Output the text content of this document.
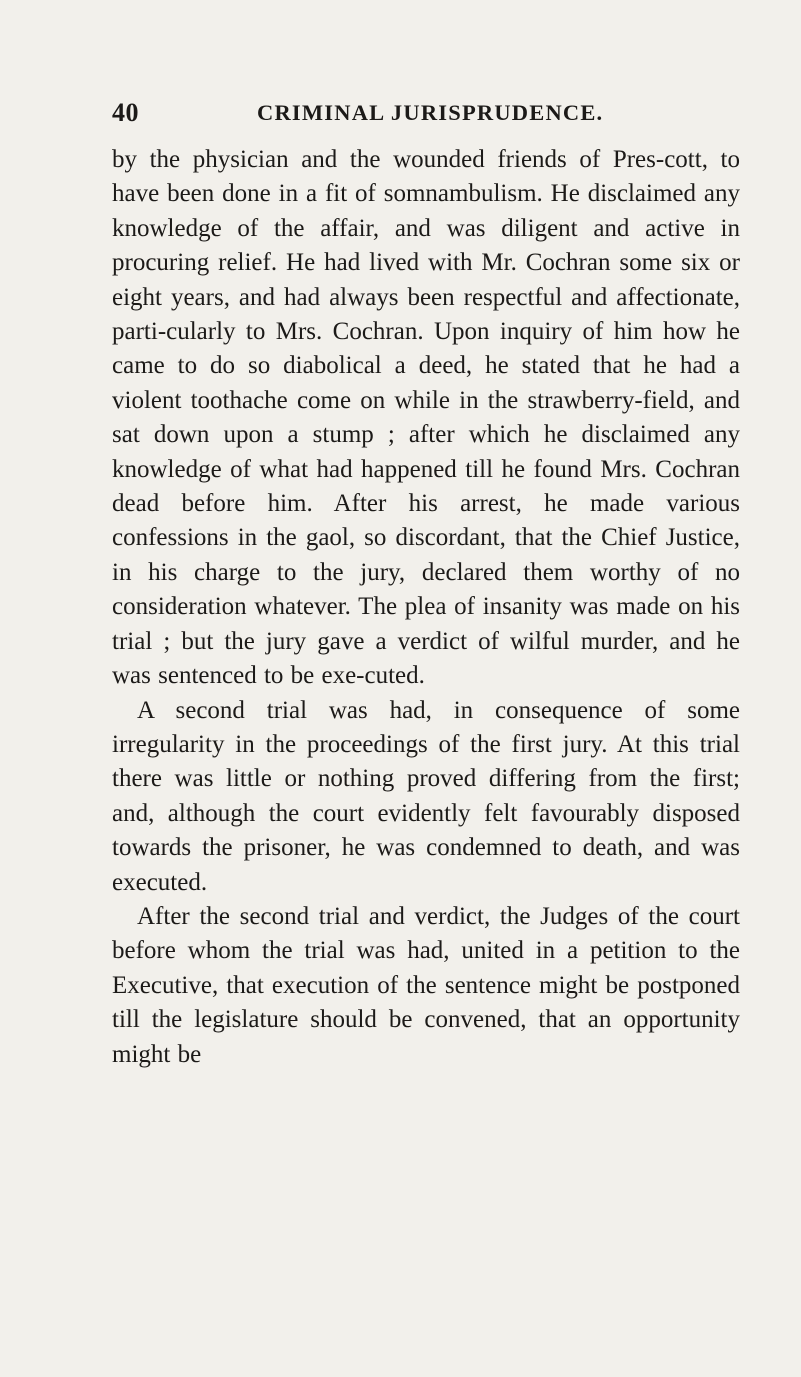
40	CRIMINAL JURISPRUDENCE.

by the physician and the wounded friends of Pres-cott, to have been done in a fit of somnambulism. He disclaimed any knowledge of the affair, and was diligent and active in procuring relief. He had lived with Mr. Cochran some six or eight years, and had always been respectful and affectionate, parti-cularly to Mrs. Cochran. Upon inquiry of him how he came to do so diabolical a deed, he stated that he had a violent toothache come on while in the strawberry-field, and sat down upon a stump ; after which he disclaimed any knowledge of what had happened till he found Mrs. Cochran dead before him. After his arrest, he made various confessions in the gaol, so discordant, that the Chief Justice, in his charge to the jury, declared them worthy of no consideration whatever. The plea of insanity was made on his trial ; but the jury gave a verdict of wilful murder, and he was sentenced to be exe-cuted.

A second trial was had, in consequence of some irregularity in the proceedings of the first jury. At this trial there was little or nothing proved differing from the first; and, although the court evidently felt favourably disposed towards the prisoner, he was condemned to death, and was executed.

After the second trial and verdict, the Judges of the court before whom the trial was had, united in a petition to the Executive, that execution of the sentence might be postponed till the legislature should be convened, that an opportunity might be
